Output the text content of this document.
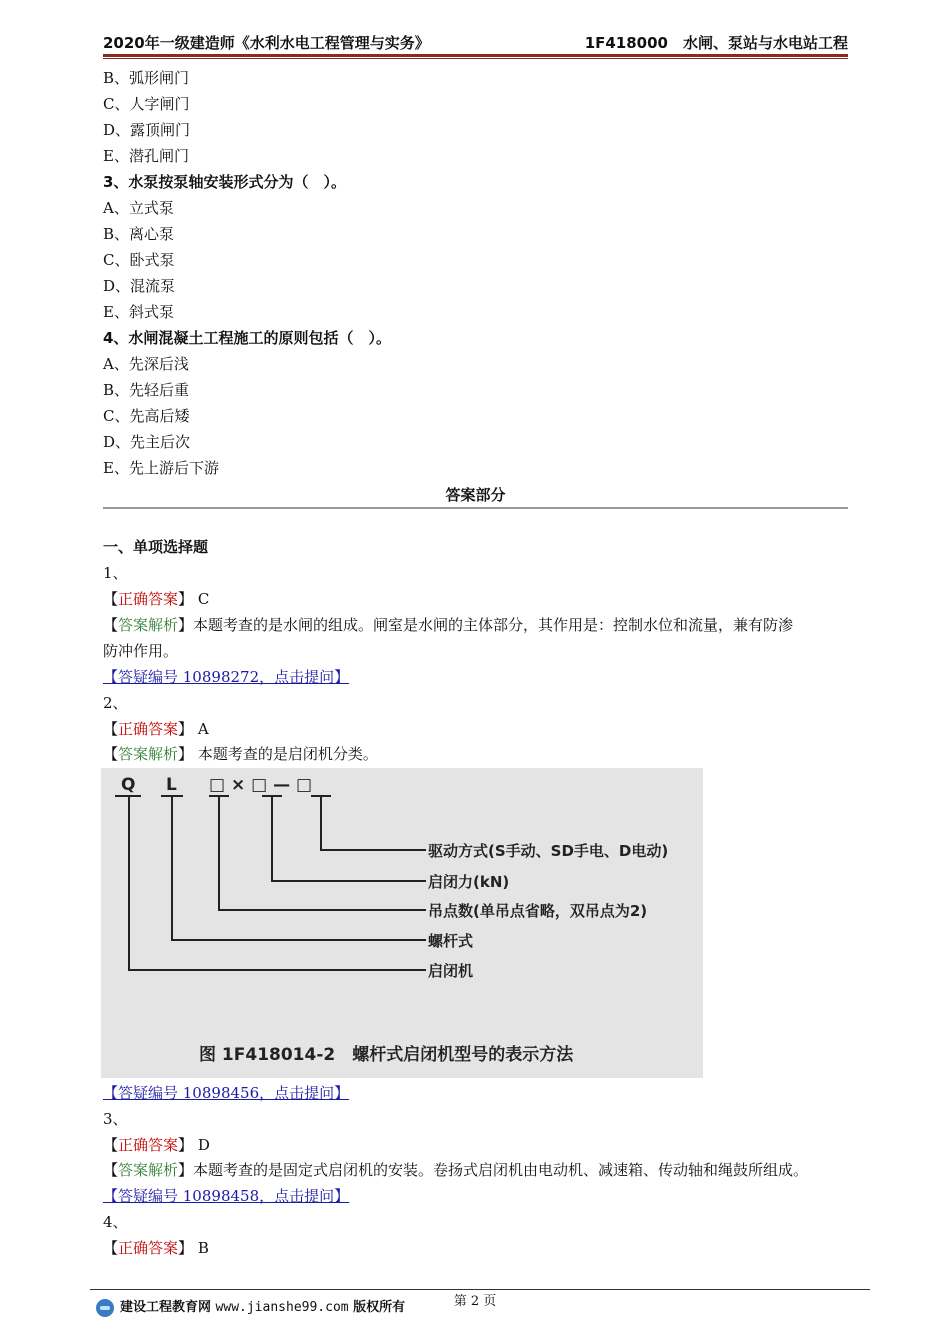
2020年一级建造师《水利水电工程管理与实务》	1F418000　水闸、泵站与水电站工程
B、弧形闸门
C、人字闸门
D、露顶闸门
E、潜孔闸门
3、水泵按泵轴安装形式分为（　）。
A、立式泵
B、离心泵
C、卧式泵
D、混流泵
E、斜式泵
4、水闸混凝土工程施工的原则包括（　）。
A、先深后浅
B、先轻后重
C、先高后矮
D、先主后次
E、先上游后下游
答案部分
一、单项选择题
1、
【正确答案】 C
【答案解析】本题考查的是水闸的组成。闸室是水闸的主体部分，其作用是：控制水位和流量，兼有防渗
防冲作用。
【答疑编号 10898272，点击提问】
2、
【正确答案】 A
【答案解析】 本题考查的是启闭机分类。
Q L □ × □ — □
驱动方式(S手动、SD手电、D电动)
启闭力(kN)
吊点数(单吊点省略，双吊点为2)
螺杆式
启闭机
图 1F418014-2　螺杆式启闭机型号的表示方法
【答疑编号 10898456，点击提问】
3、
【正确答案】 D
【答案解析】本题考查的是固定式启闭机的安装。卷扬式启闭机由电动机、减速箱、传动轴和绳鼓所组成。
【答疑编号 10898458，点击提问】
4、
【正确答案】 B
第 2 页
建设工程教育网 www.jianshe99.com 版权所有
